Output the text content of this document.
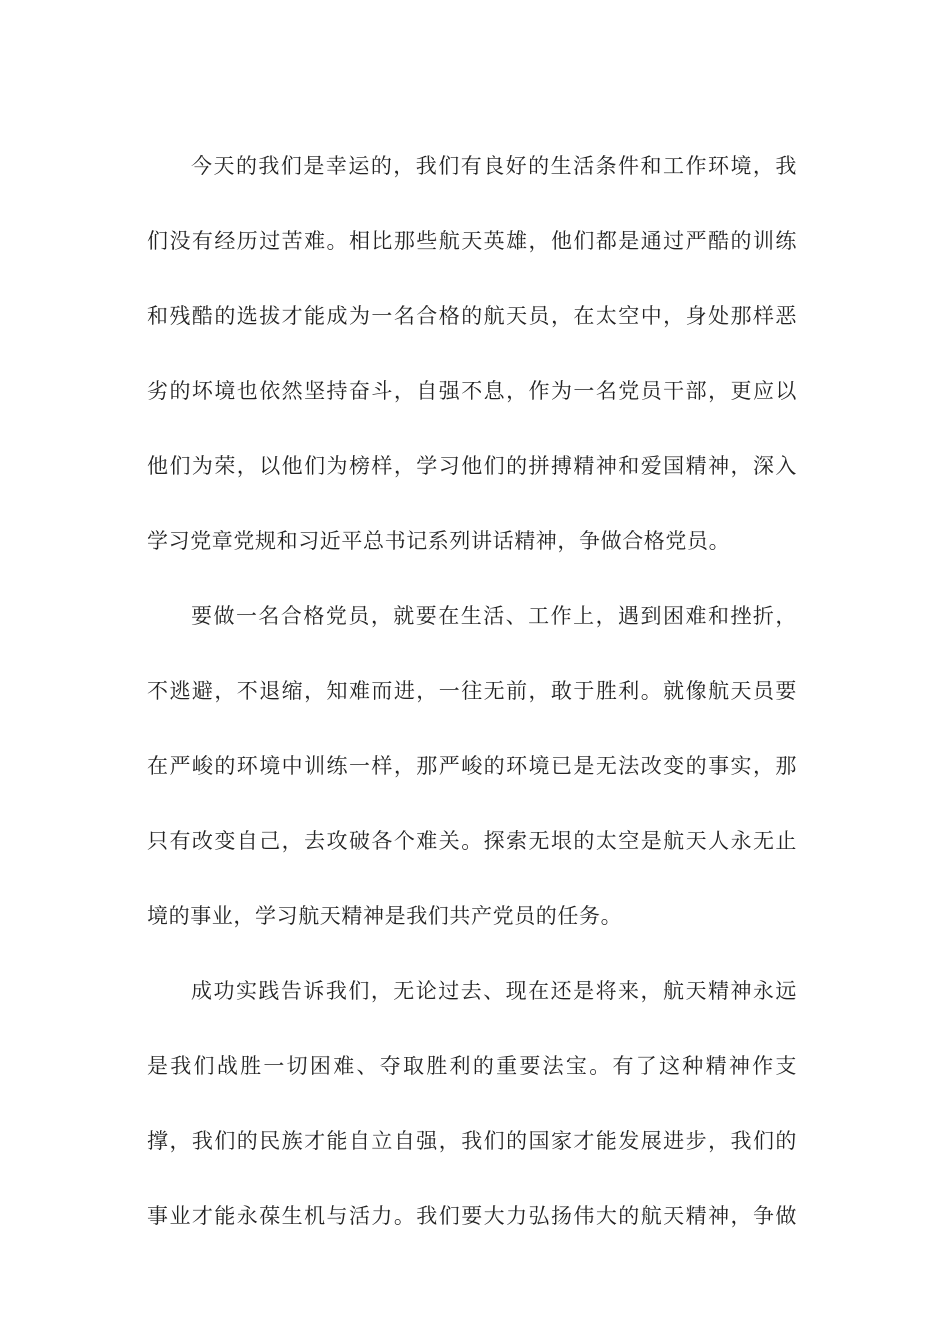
今天的我们是幸运的，我们有良好的生活条件和工作环境，我
们没有经历过苦难。相比那些航天英雄，他们都是通过严酷的训练
和残酷的选拔才能成为一名合格的航天员，在太空中，身处那样恶
劣的坏境也依然坚持奋斗，自强不息，作为一名党员干部，更应以
他们为荣，以他们为榜样，学习他们的拼搏精神和爱国精神，深入
学习党章党规和习近平总书记系列讲话精神，争做合格党员。
要做一名合格党员，就要在生活、工作上，遇到困难和挫折，
不逃避，不退缩，知难而进，一往无前，敢于胜利。就像航天员要
在严峻的环境中训练一样，那严峻的环境已是无法改变的事实，那
只有改变自己，去攻破各个难关。探索无垠的太空是航天人永无止
境的事业，学习航天精神是我们共产党员的任务。
成功实践告诉我们，无论过去、现在还是将来，航天精神永远
是我们战胜一切困难、夺取胜利的重要法宝。有了这种精神作支
撑，我们的民族才能自立自强，我们的国家才能发展进步，我们的
事业才能永葆生机与活力。我们要大力弘扬伟大的航天精神，争做
